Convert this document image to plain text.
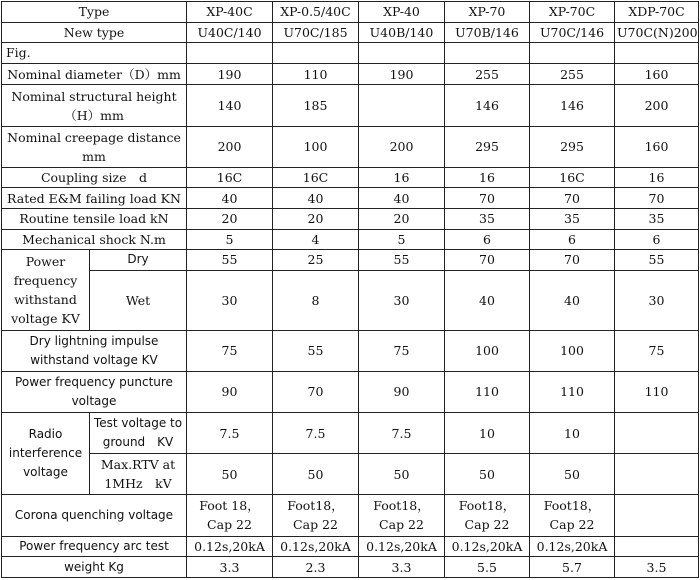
Type		XP-40C	XP-0.5/40C	XP-40	XP-70	XP-70C	XDP-70C
New type		U40C/140	U70C/185	U40B/140	U70B/146	U70C/146	U70C(N)200
Fig.							
Nominal diameter（D）mm		190	110	190	255	255	160
Nominal structural height（H）mm		140	185		146	146	200
Nominal creepage distance mm		200	100	200	295	295	160
Coupling size　d		16C	16C	16	16	16C	16
Rated E&M failing load KN		40	40	40	70	70	70
Routine tensile load kN		20	20	20	35	35	35
Mechanical shock N.m		5	4	5	6	6	6
Power frequency withstand voltage KV	Dry	55	25	55	70	70	55
	Wet	30	8	30	40	40	30
Dry lightning impulse withstand voltage KV		75	55	75	100	100	75
Power frequency puncture voltage		90	70	90	110	110	110
Radio interference voltage	Test voltage to ground　KV	7.5	7.5	7.5	10	10	
	Max.RTV at 1MHz　kV	50	50	50	50	50	
Corona quenching voltage		Foot 18，Cap 22	Foot18，Cap 22	Foot18，Cap 22	Foot18，Cap 22	Foot18，Cap 22	
Power frequency arc test		0.12s,20kA	0.12s,20kA	0.12s,20kA	0.12s,20kA	0.12s,20kA	
weight Kg		3.3	2.3	3.3	5.5	5.7	3.5
